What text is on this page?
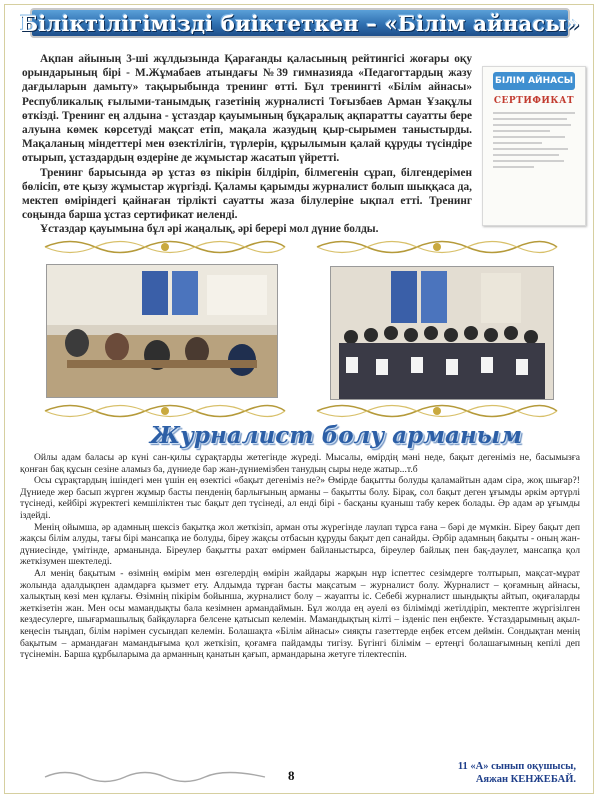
Біліктілігімізді биіктеткен – «Білім айнасы»

Ақпан айының 3-ші жұлдызында Қарағанды қаласының рейтингісі жоғары оқу орындарының бірі - М.Жұмабаев атындағы №39 гимназияда «Педагогтардың жазу дағдыларын дамыту» тақырыбында тренинг өтті. Бұл тренингті «Білім айнасы» Республикалық ғылыми-танымдық газетінің журналисті Тоғызбаев Арман Ұзақұлы өткізді. Тренинг ең алдына - ұстаздар қауымының бұқаралық ақпаратты сауатты бере алуына көмек көрсетуді мақсат етіп, мақала жазудың қыр-сырымен таныстырды. Мақаланың міндеттері мен өзектілігін, түрлерін, құрылымын қалай құруды түсіндіре отырып, ұстаздардың өздеріне де жұмыстар жасатып үйретті.

Тренинг барысында әр ұстаз өз пікірін білдіріп, білмегенін сұрап, білгендерімен бөлісіп, өте қызу жұмыстар жүргізді. Қаламы қарымды журналист болып шыққаса да, мектеп өміріндегі қайнаған тірлікті сауатты жаза білулеріне ықпал етті. Тренинг соңында барша ұстаз сертификат иеленді.

Ұстаздар қауымына бұл әрі жаңалық, әрі берері мол дүние болды.

БІЛІМ АЙНАСЫ
СЕРТИФИКАТ
Журналист болу арманым

Ойлы адам баласы әр күні сан-қилы сұрақтарды жетегінде жүреді. Мысалы, өмірдің мәні неде, бақыт дегеніміз не, басымызға қонған бақ құсын сезіне аламыз ба, дүниеде бар жан-дүниемізбен танудың сыры неде жатыр...т.б

Осы сұрақтардың ішіндегі мен үшін ең өзектісі «бақыт дегеніміз не?» Өмірде бақытты болуды қаламайтын адам сірә, жоқ шығар?! Дүниеде жер басып жүрген жұмыр басты пенденің барлығының арманы – бақытты болу. Бірақ, сол бақыт деген ұғымды әркім әртүрлі түсінеді, кейбірі жүректегі кемшіліктен тыс бақыт деп түсінеді, ал енді бірі - басқаны қуаныш табу керек болады. Әр адам әр ұғымды іздейді.

Менің ойымша, әр адамның шексіз бақытқа жол жеткізіп, арман оты жүрегінде лаулап тұрса ғана – бәрі де мүмкін. Біреу бақыт деп жақсы білім алуды, тағы бірі мансапқа ие болуды, біреу жақсы отбасын құруды бақыт деп санайды. Әрбір адамның бақыты - оның жан-дүниесінде, үмітінде, арманында. Біреулер бақытты рахат өмірмен байланыстырса, біреулер байлық пен бақ-дәулет, мансапқа қол жеткізумен шектеледі.

Ал менің бақытым - өзімнің өмірім мен өзгелердің өмірін жайдары жарқын нұр іспеттес сезімдерге толтырып, мақсат-мұрат жолында адалдықпен адамдарға қызмет ету. Алдымда тұрған басты мақсатым – журналист болу. Журналист – қоғамның айнасы, халықтың көзі мен құлағы. Өзімнің пікірім бойынша, журналист болу – жауапты іс. Себебі журналист шындықты айтып, оқиғаларды жеткізетін жан. Мен осы мамандықты бала кезімнен армандаймын. Бұл жолда ең әуелі өз білімімді жетілдіріп, мектепте жүргізілген кездесулерге, шығармашылық байқауларға белсене қатысып келемін. Мамандықтың кілті – ізденіс пен еңбекте. Ұстаздарымның ақыл-кеңесін тыңдап, білім нәрімен сусындап келемін. Болашақта «Білім айнасы» сияқты газеттерде еңбек етсем деймін. Сондықтан менің бақытым – армандаған мамандығыма қол жеткізіп, қоғамға пайдамды тигізу. Бүгінгі білімім – ертеңгі болашағымның кепілі деп түсінемін. Барша құрбыларыма да арманның қанатын қағып, армандарына жетуге тілектеспін.

8
11 «А» сынып оқушысы,
Аяжан КЕНЖЕБАЙ.
